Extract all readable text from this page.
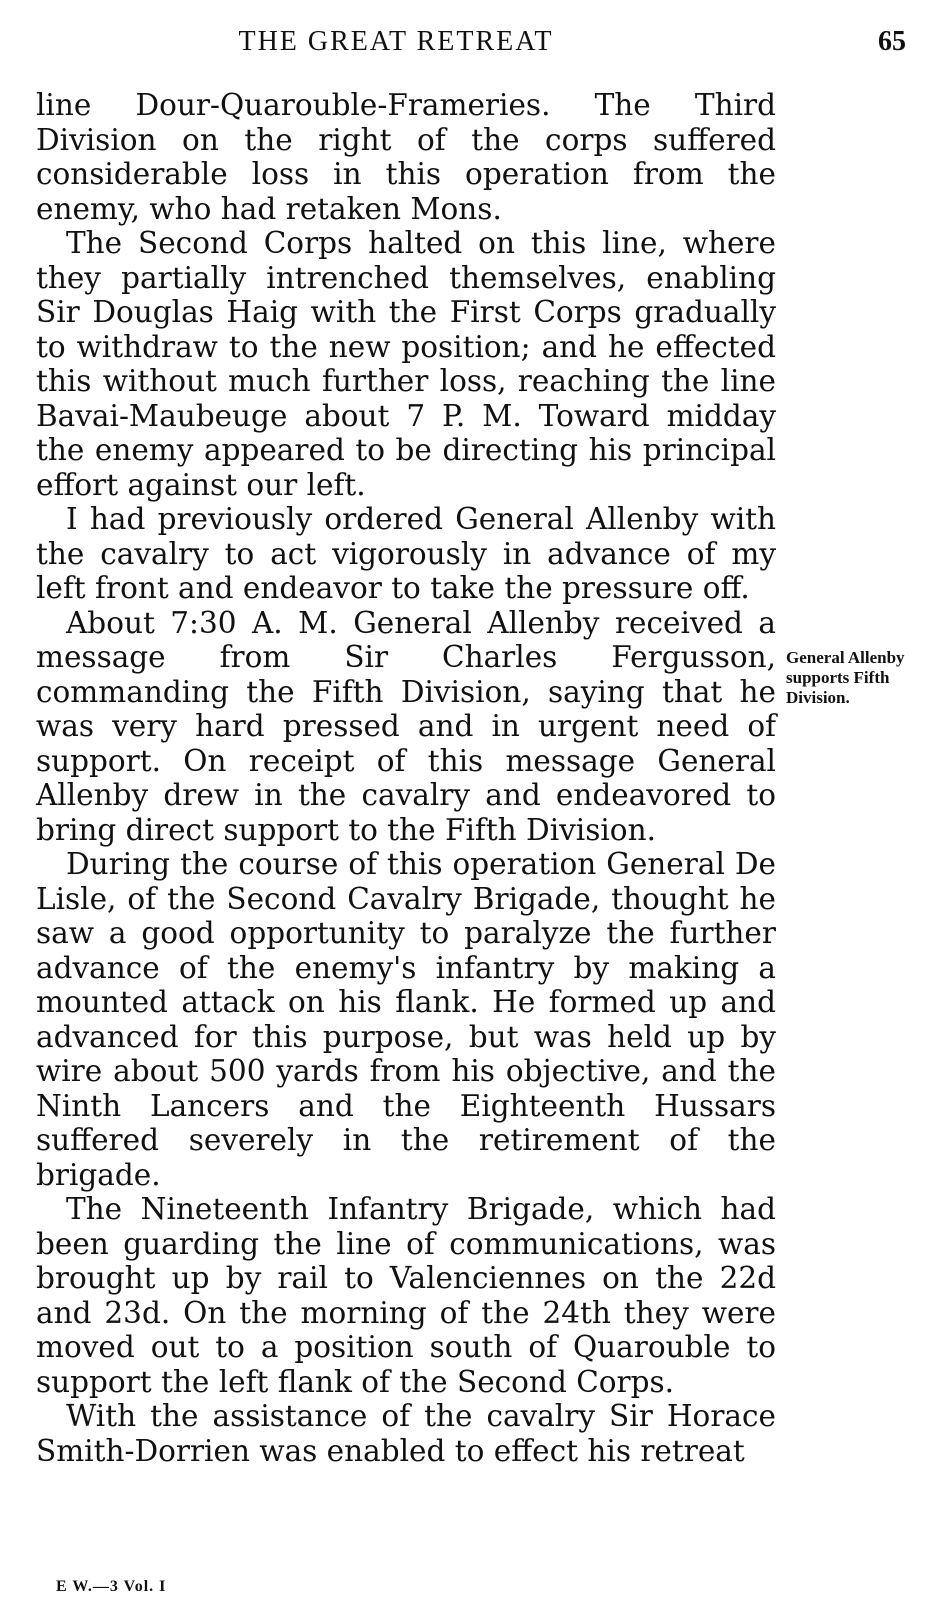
THE GREAT RETREAT	65

line Dour-Quarouble-Frameries. The Third Division on the right of the corps suffered considerable loss in this operation from the enemy, who had retaken Mons.

The Second Corps halted on this line, where they partially intrenched themselves, enabling Sir Douglas Haig with the First Corps gradually to withdraw to the new position; and he effected this without much further loss, reaching the line Bavai-Maubeuge about 7 P. M. Toward midday the enemy appeared to be directing his principal effort against our left.

I had previously ordered General Allenby with the cavalry to act vigorously in advance of my left front and endeavor to take the pressure off.

About 7:30 A. M. General Allenby received a message from Sir Charles Fergusson, commanding the Fifth Division, saying that he was very hard pressed and in urgent need of support. On receipt of this message General Allenby drew in the cavalry and endeavored to bring direct support to the Fifth Division.

During the course of this operation General De Lisle, of the Second Cavalry Brigade, thought he saw a good opportunity to paralyze the further advance of the enemy's infantry by making a mounted attack on his flank. He formed up and advanced for this purpose, but was held up by wire about 500 yards from his objective, and the Ninth Lancers and the Eighteenth Hussars suffered severely in the retirement of the brigade.

The Nineteenth Infantry Brigade, which had been guarding the line of communications, was brought up by rail to Valenciennes on the 22d and 23d. On the morning of the 24th they were moved out to a position south of Quarouble to support the left flank of the Second Corps.

With the assistance of the cavalry Sir Horace Smith-Dorrien was enabled to effect his retreat

General Allenby supports Fifth Division.
E W.—3 Vol. I
